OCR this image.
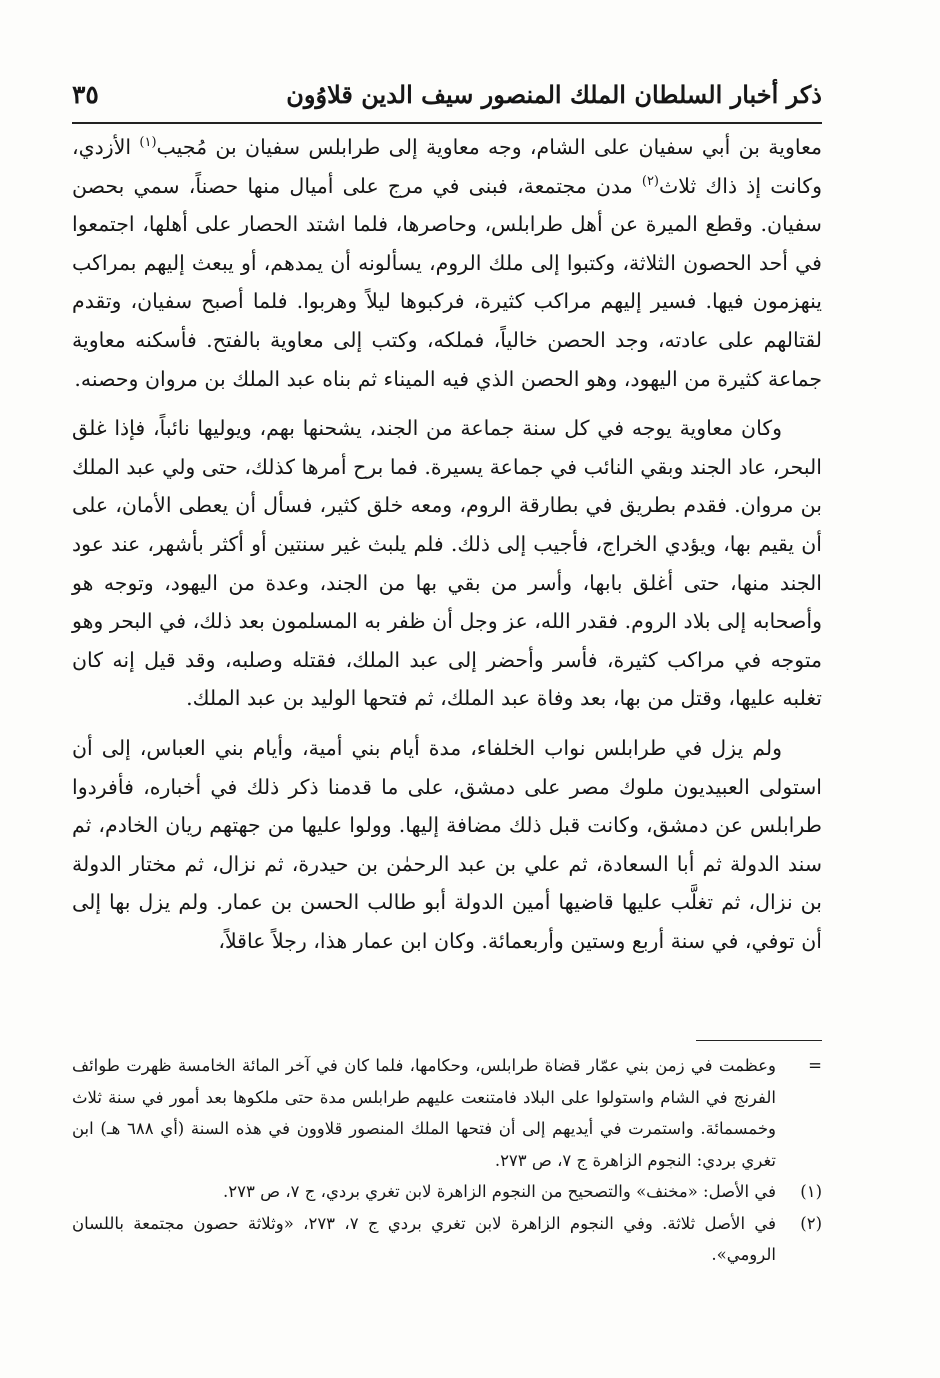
ذكر أخبار السلطان الملك المنصور سيف الدين قلاوُون
٣٥

معاوية بن أبي سفيان على الشام، وجه معاوية إلى طرابلس سفيان بن مُجيب$^{(١)}$ الأزدي، وكانت إذ ذاك ثلاث$^{(٢)}$ مدن مجتمعة، فبنى في مرج على أميال منها حصناً، سمي بحصن سفيان. وقطع الميرة عن أهل طرابلس، وحاصرها، فلما اشتد الحصار على أهلها، اجتمعوا في أحد الحصون الثلاثة، وكتبوا إلى ملك الروم، يسألونه أن يمدهم، أو يبعث إليهم بمراكب ينهزمون فيها. فسير إليهم مراكب كثيرة، فركبوها ليلاً وهربوا. فلما أصبح سفيان، وتقدم لقتالهم على عادته، وجد الحصن خالياً، فملكه، وكتب إلى معاوية بالفتح. فأسكنه معاوية جماعة كثيرة من اليهود، وهو الحصن الذي فيه الميناء ثم بناه عبد الملك بن مروان وحصنه.

وكان معاوية يوجه في كل سنة جماعة من الجند، يشحنها بهم، ويوليها نائباً، فإذا غلق البحر، عاد الجند وبقي النائب في جماعة يسيرة. فما برح أمرها كذلك، حتى ولي عبد الملك بن مروان. فقدم بطريق في بطارقة الروم، ومعه خلق كثير، فسأل أن يعطى الأمان، على أن يقيم بها، ويؤدي الخراج، فأجيب إلى ذلك. فلم يلبث غير سنتين أو أكثر بأشهر، عند عود الجند منها، حتى أغلق بابها، وأسر من بقي بها من الجند، وعدة من اليهود، وتوجه هو وأصحابه إلى بلاد الروم. فقدر الله، عز وجل أن ظفر به المسلمون بعد ذلك، في البحر وهو متوجه في مراكب كثيرة، فأسر وأحضر إلى عبد الملك، فقتله وصلبه، وقد قيل إنه كان تغلبه عليها، وقتل من بها، بعد وفاة عبد الملك، ثم فتحها الوليد بن عبد الملك.

ولم يزل في طرابلس نواب الخلفاء، مدة أيام بني أمية، وأيام بني العباس، إلى أن استولى العبيديون ملوك مصر على دمشق، على ما قدمنا ذكر ذلك في أخباره، فأفردوا طرابلس عن دمشق، وكانت قبل ذلك مضافة إليها. وولوا عليها من جهتهم ريان الخادم، ثم سند الدولة ثم أبا السعادة، ثم علي بن عبد الرحمٰن بن حيدرة، ثم نزال، ثم مختار الدولة بن نزال، ثم تغلَّب عليها قاضيها أمين الدولة أبو طالب الحسن بن عمار. ولم يزل بها إلى أن توفي، في سنة أربع وستين وأربعمائة. وكان ابن عمار هذا، رجلاً عاقلاً،

=
وعظمت في زمن بني عمّار قضاة طرابلس، وحكامها، فلما كان في آخر المائة الخامسة ظهرت طوائف الفرنج في الشام واستولوا على البلاد فامتنعت عليهم طرابلس مدة حتى ملكوها بعد أمور في سنة ثلاث وخمسمائة. واستمرت في أيديهم إلى أن فتحها الملك المنصور قلاوون في هذه السنة (أي ٦٨٨ هـ) ابن تغري بردي: النجوم الزاهرة ج ٧، ص ٢٧٣.
(١)
في الأصل: «مخنف» والتصحيح من النجوم الزاهرة لابن تغري بردي، ج ٧، ص ٢٧٣.
(٢)
في الأصل ثلاثة. وفي النجوم الزاهرة لابن تغري بردي ج ٧، ٢٧٣، «وثلاثة حصون مجتمعة باللسان الرومي».
